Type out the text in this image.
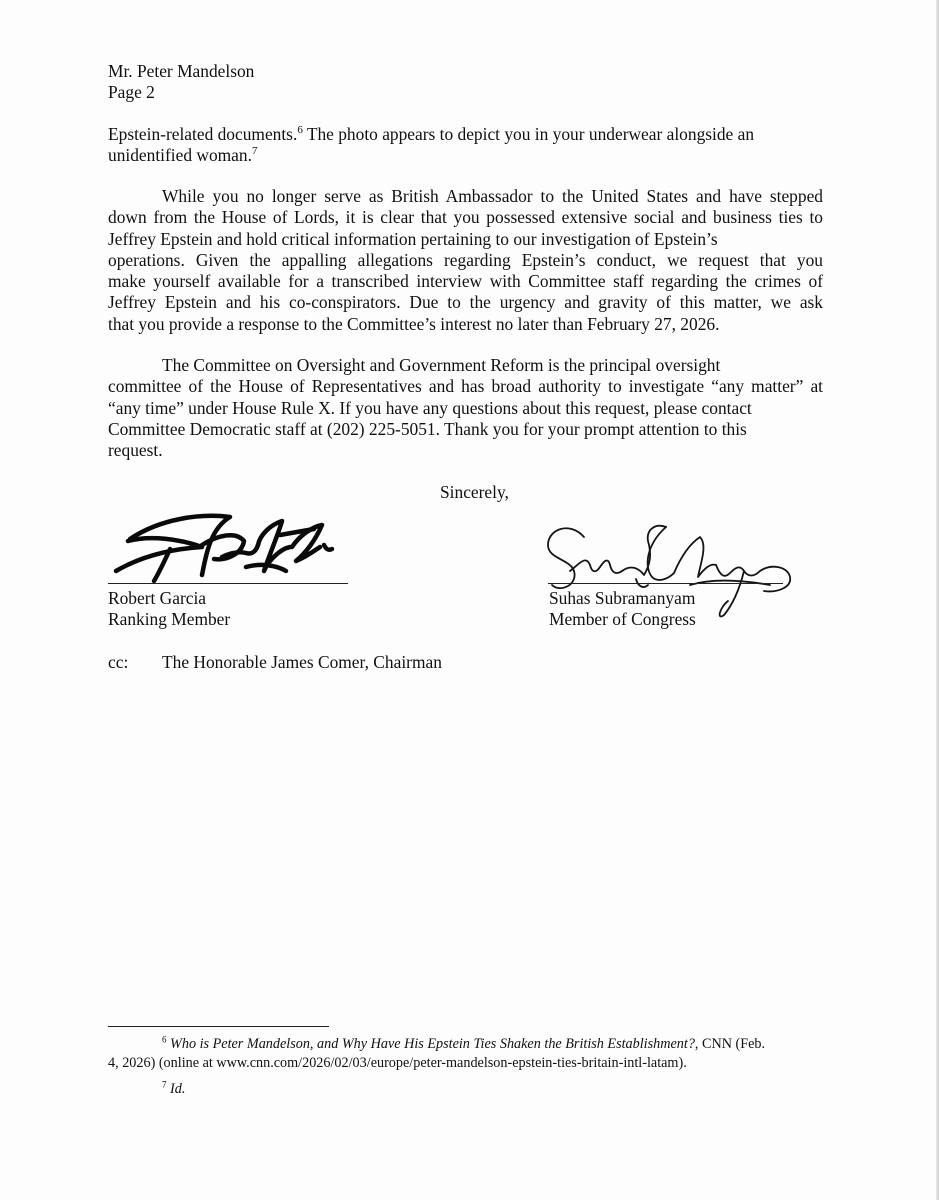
Mr. Peter Mandelson
Page 2
Epstein-related documents.$^6$ The photo appears to depict you in your underwear alongside an
unidentified woman.$^7$
While you no longer serve as British Ambassador to the United States and have stepped
down from the House of Lords, it is clear that you possessed extensive social and business ties to
Jeffrey Epstein and hold critical information pertaining to our investigation of Epstein’s
operations. Given the appalling allegations regarding Epstein’s conduct, we request that you
make yourself available for a transcribed interview with Committee staff regarding the crimes of
Jeffrey Epstein and his co-conspirators. Due to the urgency and gravity of this matter, we ask
that you provide a response to the Committee’s interest no later than February 27, 2026.
The Committee on Oversight and Government Reform is the principal oversight
committee of the House of Representatives and has broad authority to investigate “any matter” at
“any time” under House Rule X. If you have any questions about this request, please contact
Committee Democratic staff at (202) 225-5051. Thank you for your prompt attention to this
request.
Sincerely,
Robert Garcia
Ranking Member
Suhas Subramanyam
Member of Congress
cc: The Honorable James Comer, Chairman
$^6$ Who is Peter Mandelson, and Why Have His Epstein Ties Shaken the British Establishment?, CNN (Feb.
4, 2026) (online at www.cnn.com/2026/02/03/europe/peter-mandelson-epstein-ties-britain-intl-latam).
$^7$ Id.
